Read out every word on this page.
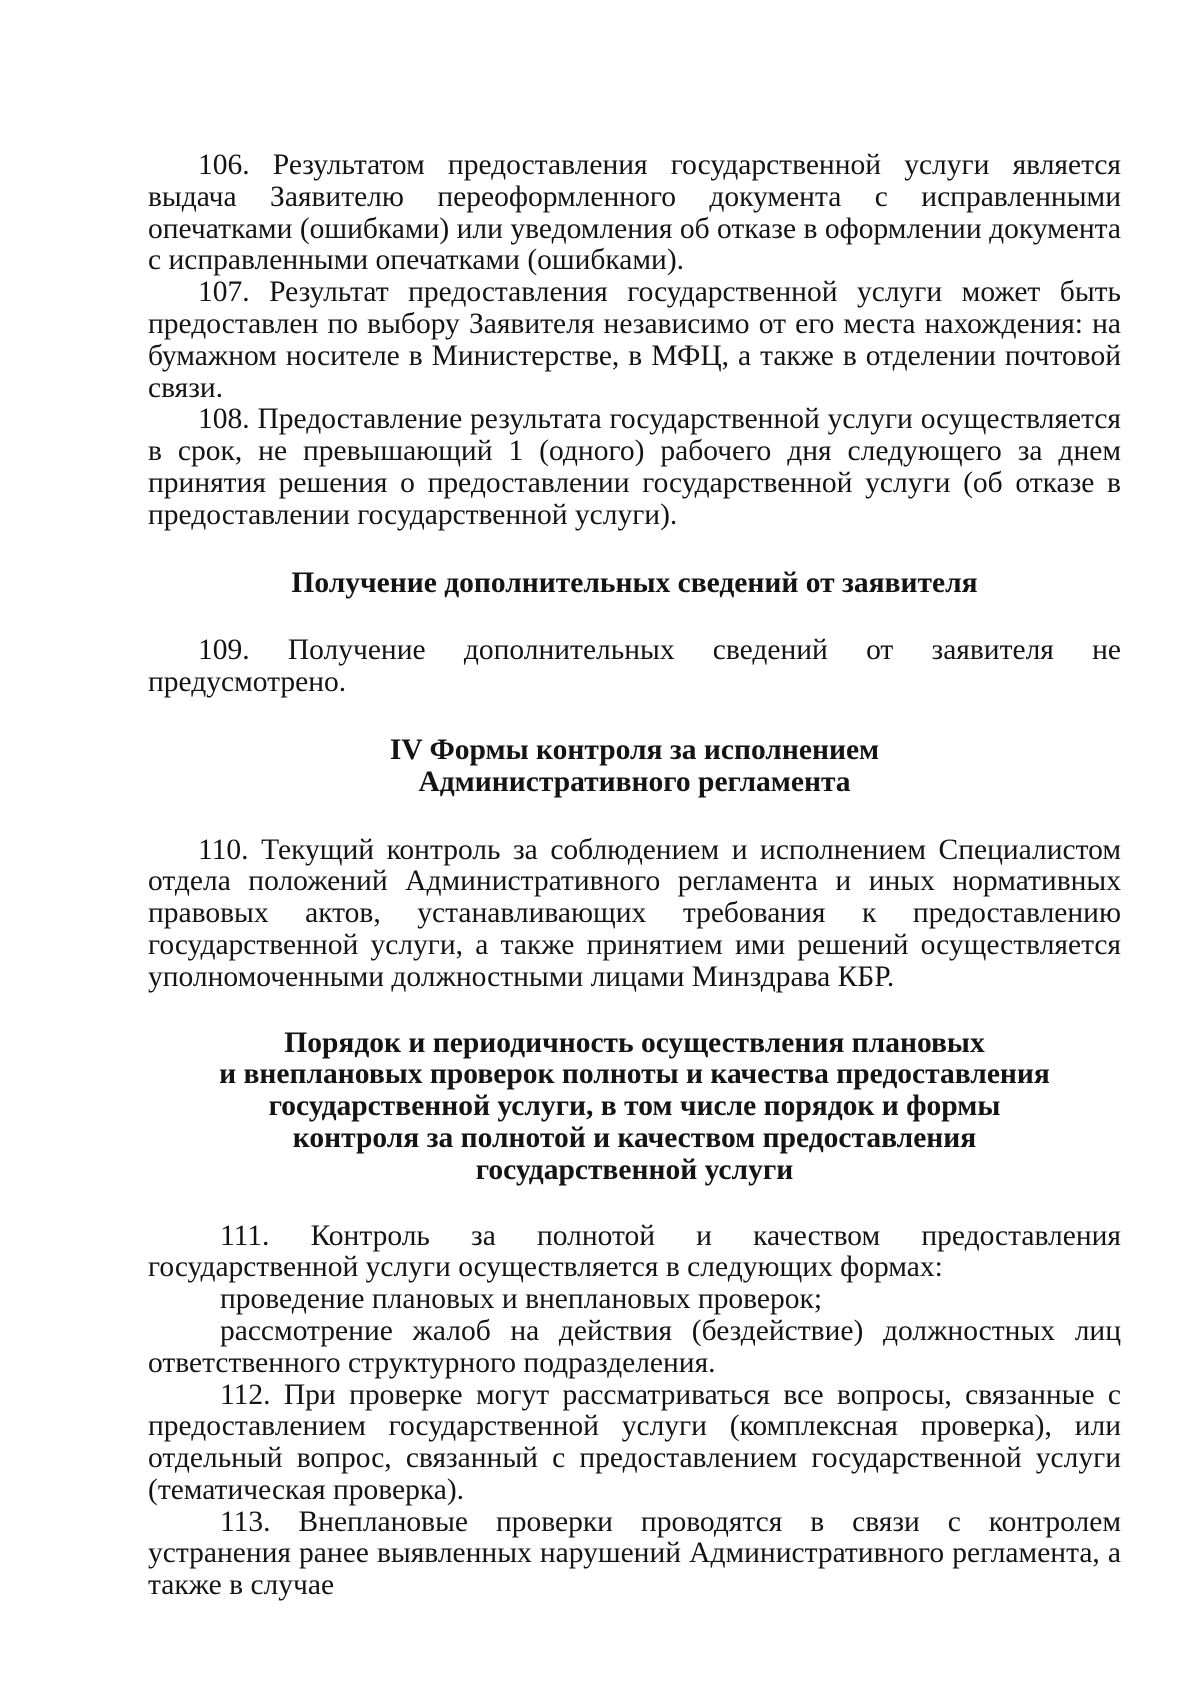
106. Результатом предоставления государственной услуги является выдача Заявителю переоформленного документа с исправленными опечатками (ошибками) или уведомления об отказе в оформлении документа с исправленными опечатками (ошибками).

107. Результат предоставления государственной услуги может быть предоставлен по выбору Заявителя независимо от его места нахождения: на бумажном носителе в Министерстве, в МФЦ, а также в отделении почтовой связи.

108. Предоставление результата государственной услуги осуществляется в срок, не превышающий 1 (одного) рабочего дня следующего за днем принятия решения о предоставлении государственной услуги (об отказе в предоставлении государственной услуги).

Получение дополнительных сведений от заявителя

109. Получение дополнительных сведений от заявителя не предусмотрено.

IV Формы контроля за исполнением
Административного регламента

110. Текущий контроль за соблюдением и исполнением Специалистом отдела положений Административного регламента и иных нормативных правовых актов, устанавливающих требования к предоставлению государственной услуги, а также принятием ими решений осуществляется уполномоченными должностными лицами Минздрава КБР.

Порядок и периодичность осуществления плановых
и внеплановых проверок полноты и качества предоставления
государственной услуги, в том числе порядок и формы
контроля за полнотой и качеством предоставления
государственной услуги

111. Контроль за полнотой и качеством предоставления государственной услуги осуществляется в следующих формах:

проведение плановых и внеплановых проверок;

рассмотрение жалоб на действия (бездействие) должностных лиц ответственного структурного подразделения.

112. При проверке могут рассматриваться все вопросы, связанные с предоставлением государственной услуги (комплексная проверка), или отдельный вопрос, связанный с предоставлением государственной услуги (тематическая проверка).

113. Внеплановые проверки проводятся в связи с контролем устранения ранее выявленных нарушений Административного регламента, а также в случае
